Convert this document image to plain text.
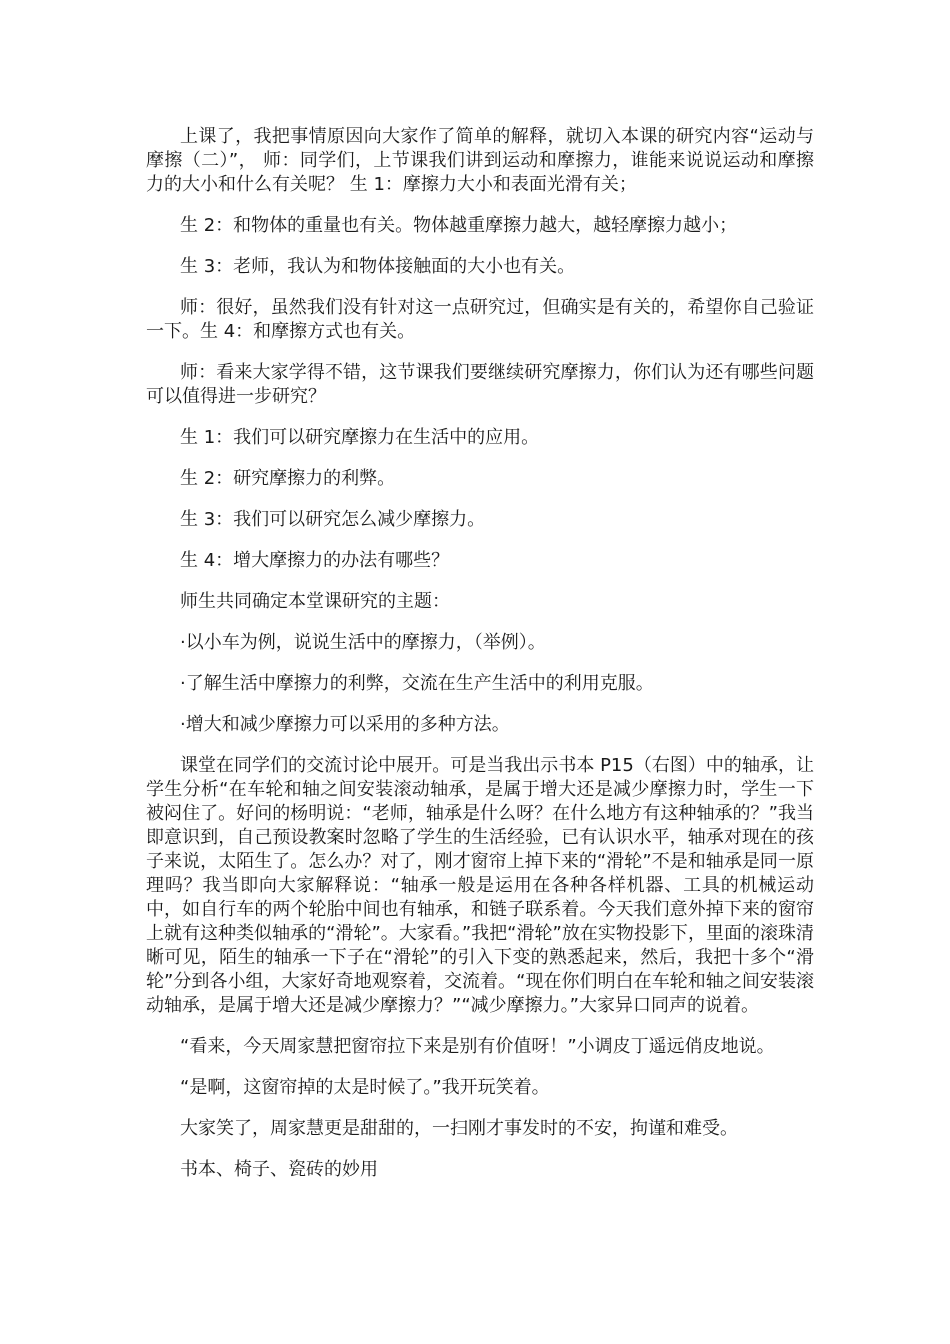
上课了，我把事情原因向大家作了简单的解释，就切入本课的研究内容“运动与摩擦（二）”， 师：同学们，上节课我们讲到运动和摩擦力，谁能来说说运动和摩擦力的大小和什么有关呢？ 生 1：摩擦力大小和表面光滑有关；

生 2：和物体的重量也有关。物体越重摩擦力越大，越轻摩擦力越小；

生 3：老师，我认为和物体接触面的大小也有关。

师：很好，虽然我们没有针对这一点研究过，但确实是有关的，希望你自己验证一下。生 4：和摩擦方式也有关。

师：看来大家学得不错，这节课我们要继续研究摩擦力，你们认为还有哪些问题可以值得进一步研究？

生 1：我们可以研究摩擦力在生活中的应用。

生 2：研究摩擦力的利弊。

生 3：我们可以研究怎么减少摩擦力。

生 4：增大摩擦力的办法有哪些？

师生共同确定本堂课研究的主题：

·以小车为例，说说生活中的摩擦力，（举例）。

·了解生活中摩擦力的利弊，交流在生产生活中的利用克服。

·增大和减少摩擦力可以采用的多种方法。

课堂在同学们的交流讨论中展开。可是当我出示书本 P15（右图）中的轴承，让学生分析“在车轮和轴之间安装滚动轴承，是属于增大还是减少摩擦力时，学生一下被闷住了。好问的杨明说：“老师，轴承是什么呀？在什么地方有这种轴承的？”我当即意识到，自己预设教案时忽略了学生的生活经验，已有认识水平，轴承对现在的孩子来说，太陌生了。怎么办？对了，刚才窗帘上掉下来的“滑轮”不是和轴承是同一原理吗？我当即向大家解释说：“轴承一般是运用在各种各样机器、工具的机械运动中，如自行车的两个轮胎中间也有轴承，和链子联系着。今天我们意外掉下来的窗帘上就有这种类似轴承的“滑轮”。大家看。”我把“滑轮”放在实物投影下，里面的滚珠清晰可见，陌生的轴承一下子在“滑轮”的引入下变的熟悉起来，然后，我把十多个“滑轮”分到各小组，大家好奇地观察着，交流着。“现在你们明白在车轮和轴之间安装滚动轴承，是属于增大还是减少摩擦力？”“减少摩擦力。”大家异口同声的说着。

“看来，今天周家慧把窗帘拉下来是别有价值呀！”小调皮丁遥远俏皮地说。

“是啊，这窗帘掉的太是时候了。”我开玩笑着。

大家笑了，周家慧更是甜甜的，一扫刚才事发时的不安，拘谨和难受。

书本、椅子、瓷砖的妙用
